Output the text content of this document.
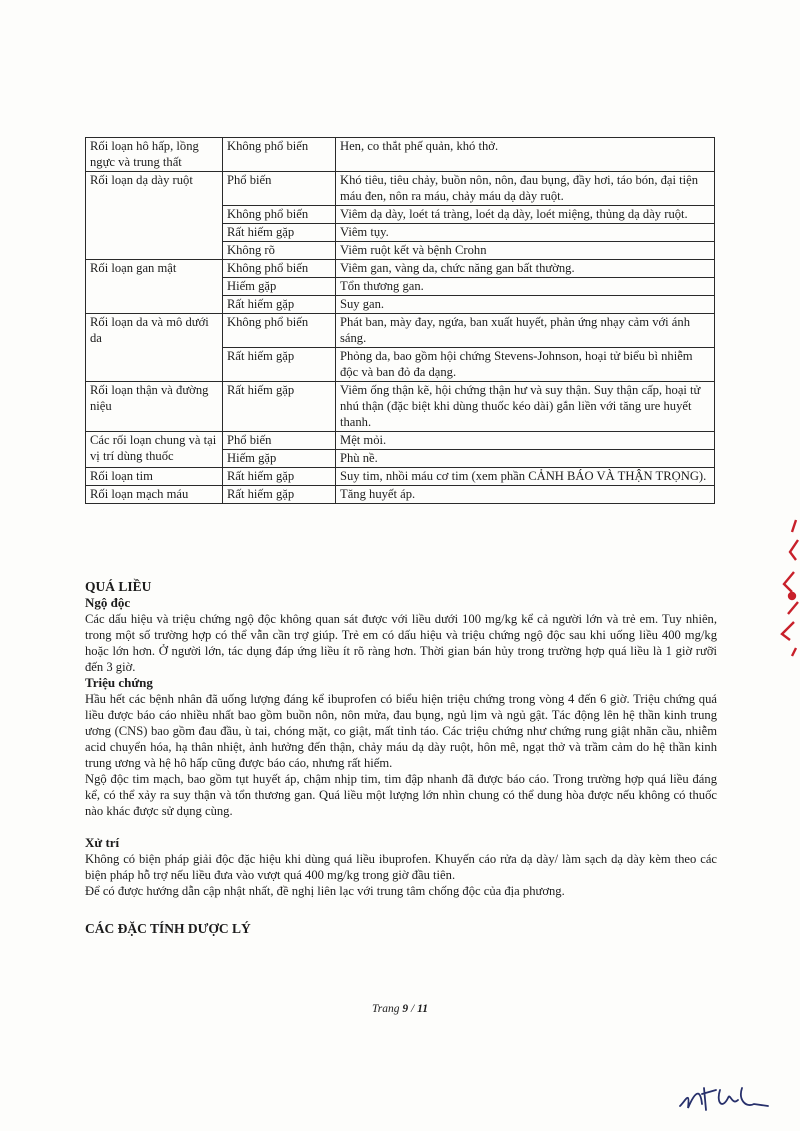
Rối loạn hô hấp, lồng ngực và trung thất	Không phổ biến	Hen, co thắt phế quản, khó thở.
Rối loạn dạ dày ruột	Phổ biến	Khó tiêu, tiêu chảy, buồn nôn, nôn, đau bụng, đầy hơi, táo bón, đại tiện máu đen, nôn ra máu, chảy máu dạ dày ruột.
	Không phổ biến	Viêm dạ dày, loét tá tràng, loét dạ dày, loét miệng, thủng dạ dày ruột.
	Rất hiếm gặp	Viêm tụy.
	Không rõ	Viêm ruột kết và bệnh Crohn
Rối loạn gan mật	Không phổ biến	Viêm gan, vàng da, chức năng gan bất thường.
	Hiếm gặp	Tổn thương gan.
	Rất hiếm gặp	Suy gan.
Rối loạn da và mô dưới da	Không phổ biến	Phát ban, mày đay, ngứa, ban xuất huyết, phản ứng nhạy cảm với ánh sáng.
	Rất hiếm gặp	Phỏng da, bao gồm hội chứng Stevens-Johnson, hoại tử biểu bì nhiễm độc và ban đỏ đa dạng.
Rối loạn thận và đường niệu	Rất hiếm gặp	Viêm ống thận kẽ, hội chứng thận hư và suy thận. Suy thận cấp, hoại tử nhú thận (đặc biệt khi dùng thuốc kéo dài) gắn liền với tăng ure huyết thanh.
Các rối loạn chung và tại vị trí dùng thuốc	Phổ biến	Mệt mỏi.
	Hiếm gặp	Phù nề.
Rối loạn tim	Rất hiếm gặp	Suy tim, nhồi máu cơ tim (xem phần CẢNH BÁO VÀ THẬN TRỌNG).
Rối loạn mạch máu	Rất hiếm gặp	Tăng huyết áp.
QUÁ LIỀU
Ngộ độc

Các dấu hiệu và triệu chứng ngộ độc không quan sát được với liều dưới 100 mg/kg kể cả người lớn và trẻ em. Tuy nhiên, trong một số trường hợp có thể vẫn cần trợ giúp. Trẻ em có dấu hiệu và triệu chứng ngộ độc sau khi uống liều 400 mg/kg hoặc lớn hơn. Ở người lớn, tác dụng đáp ứng liều ít rõ ràng hơn. Thời gian bán hủy trong trường hợp quá liều là 1 giờ rưỡi đến 3 giờ.

Triệu chứng

Hầu hết các bệnh nhân đã uống lượng đáng kể ibuprofen có biểu hiện triệu chứng trong vòng 4 đến 6 giờ. Triệu chứng quá liều được báo cáo nhiều nhất bao gồm buồn nôn, nôn mửa, đau bụng, ngủ lịm và ngủ gật. Tác động lên hệ thần kinh trung ương (CNS) bao gồm đau đầu, ù tai, chóng mặt, co giật, mất tỉnh táo. Các triệu chứng như chứng rung giật nhãn cầu, nhiễm acid chuyển hóa, hạ thân nhiệt, ảnh hưởng đến thận, chảy máu dạ dày ruột, hôn mê, ngạt thở và trầm cảm do hệ thần kinh trung ương và hệ hô hấp cũng được báo cáo, nhưng rất hiếm.

Ngộ độc tim mạch, bao gồm tụt huyết áp, chậm nhịp tim, tim đập nhanh đã được báo cáo. Trong trường hợp quá liều đáng kể, có thể xảy ra suy thận và tổn thương gan. Quá liều một lượng lớn nhìn chung có thể dung hòa được nếu không có thuốc nào khác được sử dụng cùng.

Xử trí

Không có biện pháp giải độc đặc hiệu khi dùng quá liều ibuprofen. Khuyến cáo rửa dạ dày/ làm sạch dạ dày kèm theo các biện pháp hỗ trợ nếu liều đưa vào vượt quá 400 mg/kg trong giờ đầu tiên.

Để có được hướng dẫn cập nhật nhất, đề nghị liên lạc với trung tâm chống độc của địa phương.

CÁC ĐẶC TÍNH DƯỢC LÝ
Trang 9 / 11
